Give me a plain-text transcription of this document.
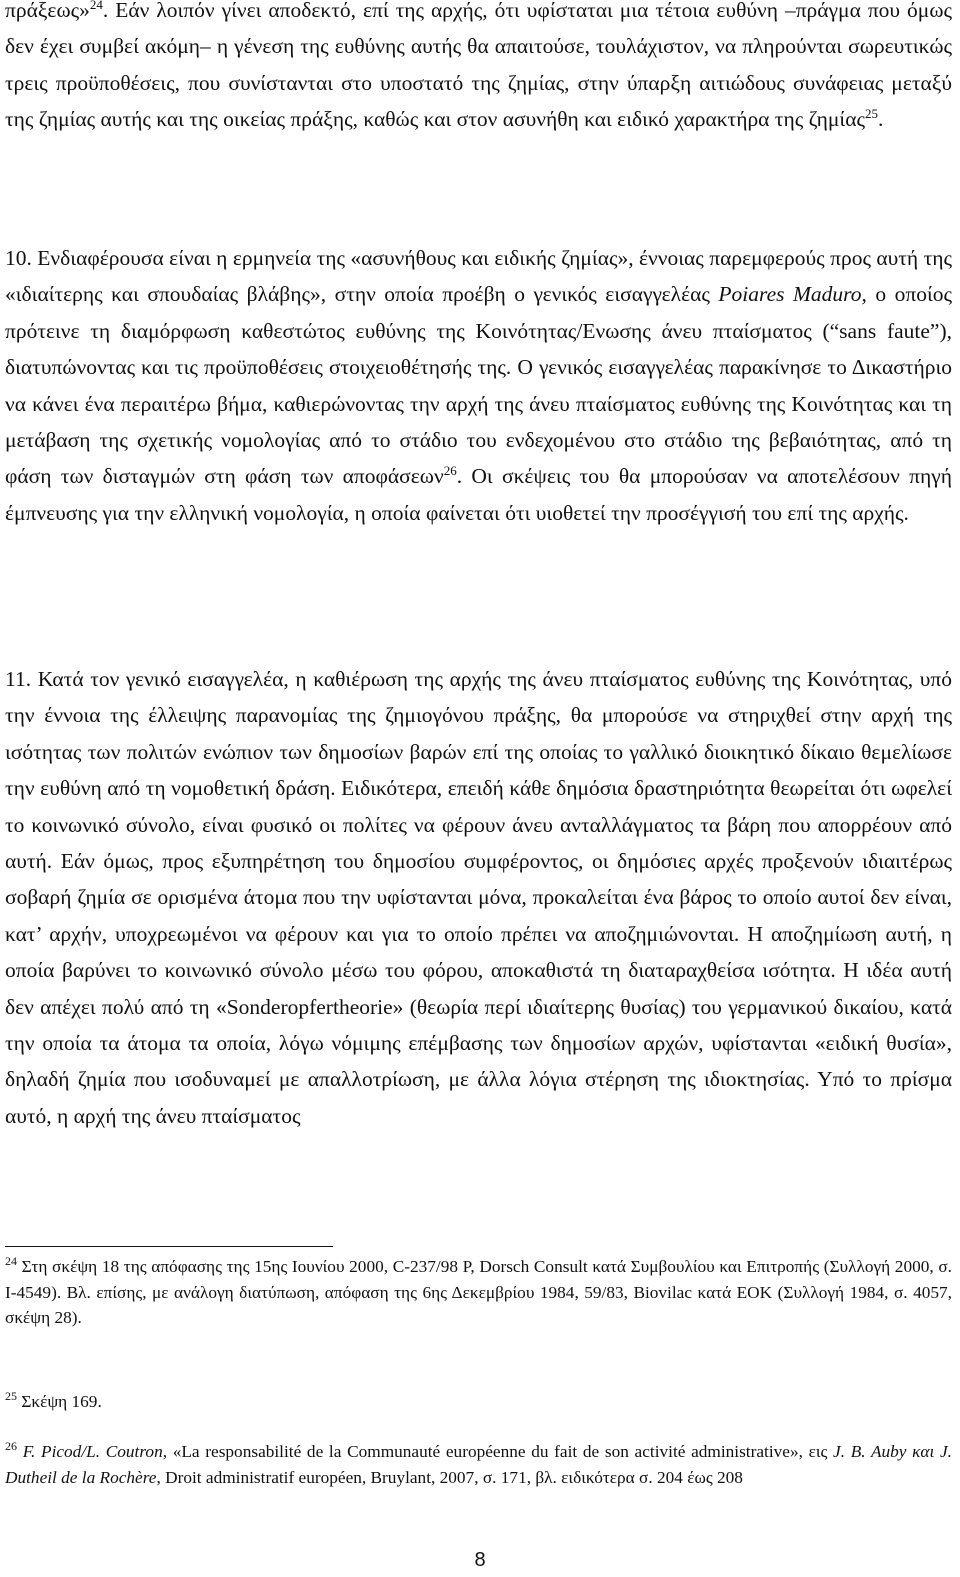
πράξεως»$^{24}$. Εάν λοιπόν γίνει αποδεκτό, επί της αρχής, ότι υφίσταται μια τέτοια ευθύνη –πράγμα που όμως δεν έχει συμβεί ακόμη– η γένεση της ευθύνης αυτής θα απαιτούσε, τουλάχιστον, να πληρούνται σωρευτικώς τρεις προϋποθέσεις, που συνίστανται στο υποστατό της ζημίας, στην ύπαρξη αιτιώδους συνάφειας μεταξύ της ζημίας αυτής και της οικείας πράξης, καθώς και στον ασυνήθη και ειδικό χαρακτήρα της ζημίας$^{25}$.

10. Ενδιαφέρουσα είναι η ερμηνεία της «ασυνήθους και ειδικής ζημίας», έννοιας παρεμφερούς προς αυτή της «ιδιαίτερης και σπουδαίας βλάβης», στην οποία προέβη ο γενικός εισαγγελέας Poiares Maduro, ο οποίος πρότεινε τη διαμόρφωση καθεστώτος ευθύνης της Κοινότητας/Ενωσης άνευ πταίσματος (“sans faute”), διατυπώνοντας και τις προϋποθέσεις στοιχειοθέτησής της. Ο γενικός εισαγγελέας παρακίνησε το Δικαστήριο να κάνει ένα περαιτέρω βήμα, καθιερώνοντας την αρχή της άνευ πταίσματος ευθύνης της Κοινότητας και τη μετάβαση της σχετικής νομολογίας από το στάδιο του ενδεχομένου στο στάδιο της βεβαιότητας, από τη φάση των δισταγμών στη φάση των αποφάσεων$^{26}$. Οι σκέψεις του θα μπορούσαν να αποτελέσουν πηγή έμπνευσης για την ελληνική νομολογία, η οποία φαίνεται ότι υιοθετεί την προσέγγισή του επί της αρχής.

11. Κατά τον γενικό εισαγγελέα, η καθιέρωση της αρχής της άνευ πταίσματος ευθύνης της Κοινότητας, υπό την έννοια της έλλειψης παρανομίας της ζημιογόνου πράξης, θα μπορούσε να στηριχθεί στην αρχή της ισότητας των πολιτών ενώπιον των δημοσίων βαρών επί της οποίας το γαλλικό διοικητικό δίκαιο θεμελίωσε την ευθύνη από τη νομοθετική δράση. Ειδικότερα, επειδή κάθε δημόσια δραστηριότητα θεωρείται ότι ωφελεί το κοινωνικό σύνολο, είναι φυσικό οι πολίτες να φέρουν άνευ ανταλλάγματος τα βάρη που απορρέουν από αυτή. Εάν όμως, προς εξυπηρέτηση του δημοσίου συμφέροντος, οι δημόσιες αρχές προξενούν ιδιαιτέρως σοβαρή ζημία σε ορισμένα άτομα που την υφίστανται μόνα, προκαλείται ένα βάρος το οποίο αυτοί δεν είναι, κατ’ αρχήν, υποχρεωμένοι να φέρουν και για το οποίο πρέπει να αποζημιώνονται. Η αποζημίωση αυτή, η οποία βαρύνει το κοινωνικό σύνολο μέσω του φόρου, αποκαθιστά τη διαταραχθείσα ισότητα. Η ιδέα αυτή δεν απέχει πολύ από τη «Sonderopfertheorie» (θεωρία περί ιδιαίτερης θυσίας) του γερμανικού δικαίου, κατά την οποία τα άτομα τα οποία, λόγω νόμιμης επέμβασης των δημοσίων αρχών, υφίστανται «ειδική θυσία», δηλαδή ζημία που ισοδυναμεί με απαλλοτρίωση, με άλλα λόγια στέρηση της ιδιοκτησίας. Υπό το πρίσμα αυτό, η αρχή της άνευ πταίσματος

$^{24}$ Στη σκέψη 18 της απόφασης της 15ης Ιουνίου 2000, C-237/98 P, Dorsch Consult κατά Συμβουλίου και Επιτροπής (Συλλογή 2000, σ. I-4549). Βλ. επίσης, με ανάλογη διατύπωση, απόφαση της 6ης Δεκεμβρίου 1984, 59/83, Biovilac κατά ΕΟΚ (Συλλογή 1984, σ. 4057, σκέψη 28).

$^{25}$ Σκέψη 169.

$^{26}$ F. Picod/L. Coutron, «La responsabilité de la Communauté européenne du fait de son activité administrative», εις J. B. Auby και J. Dutheil de la Rochère, Droit administratif européen, Bruylant, 2007, σ. 171, βλ. ειδικότερα σ. 204 έως 208

8
